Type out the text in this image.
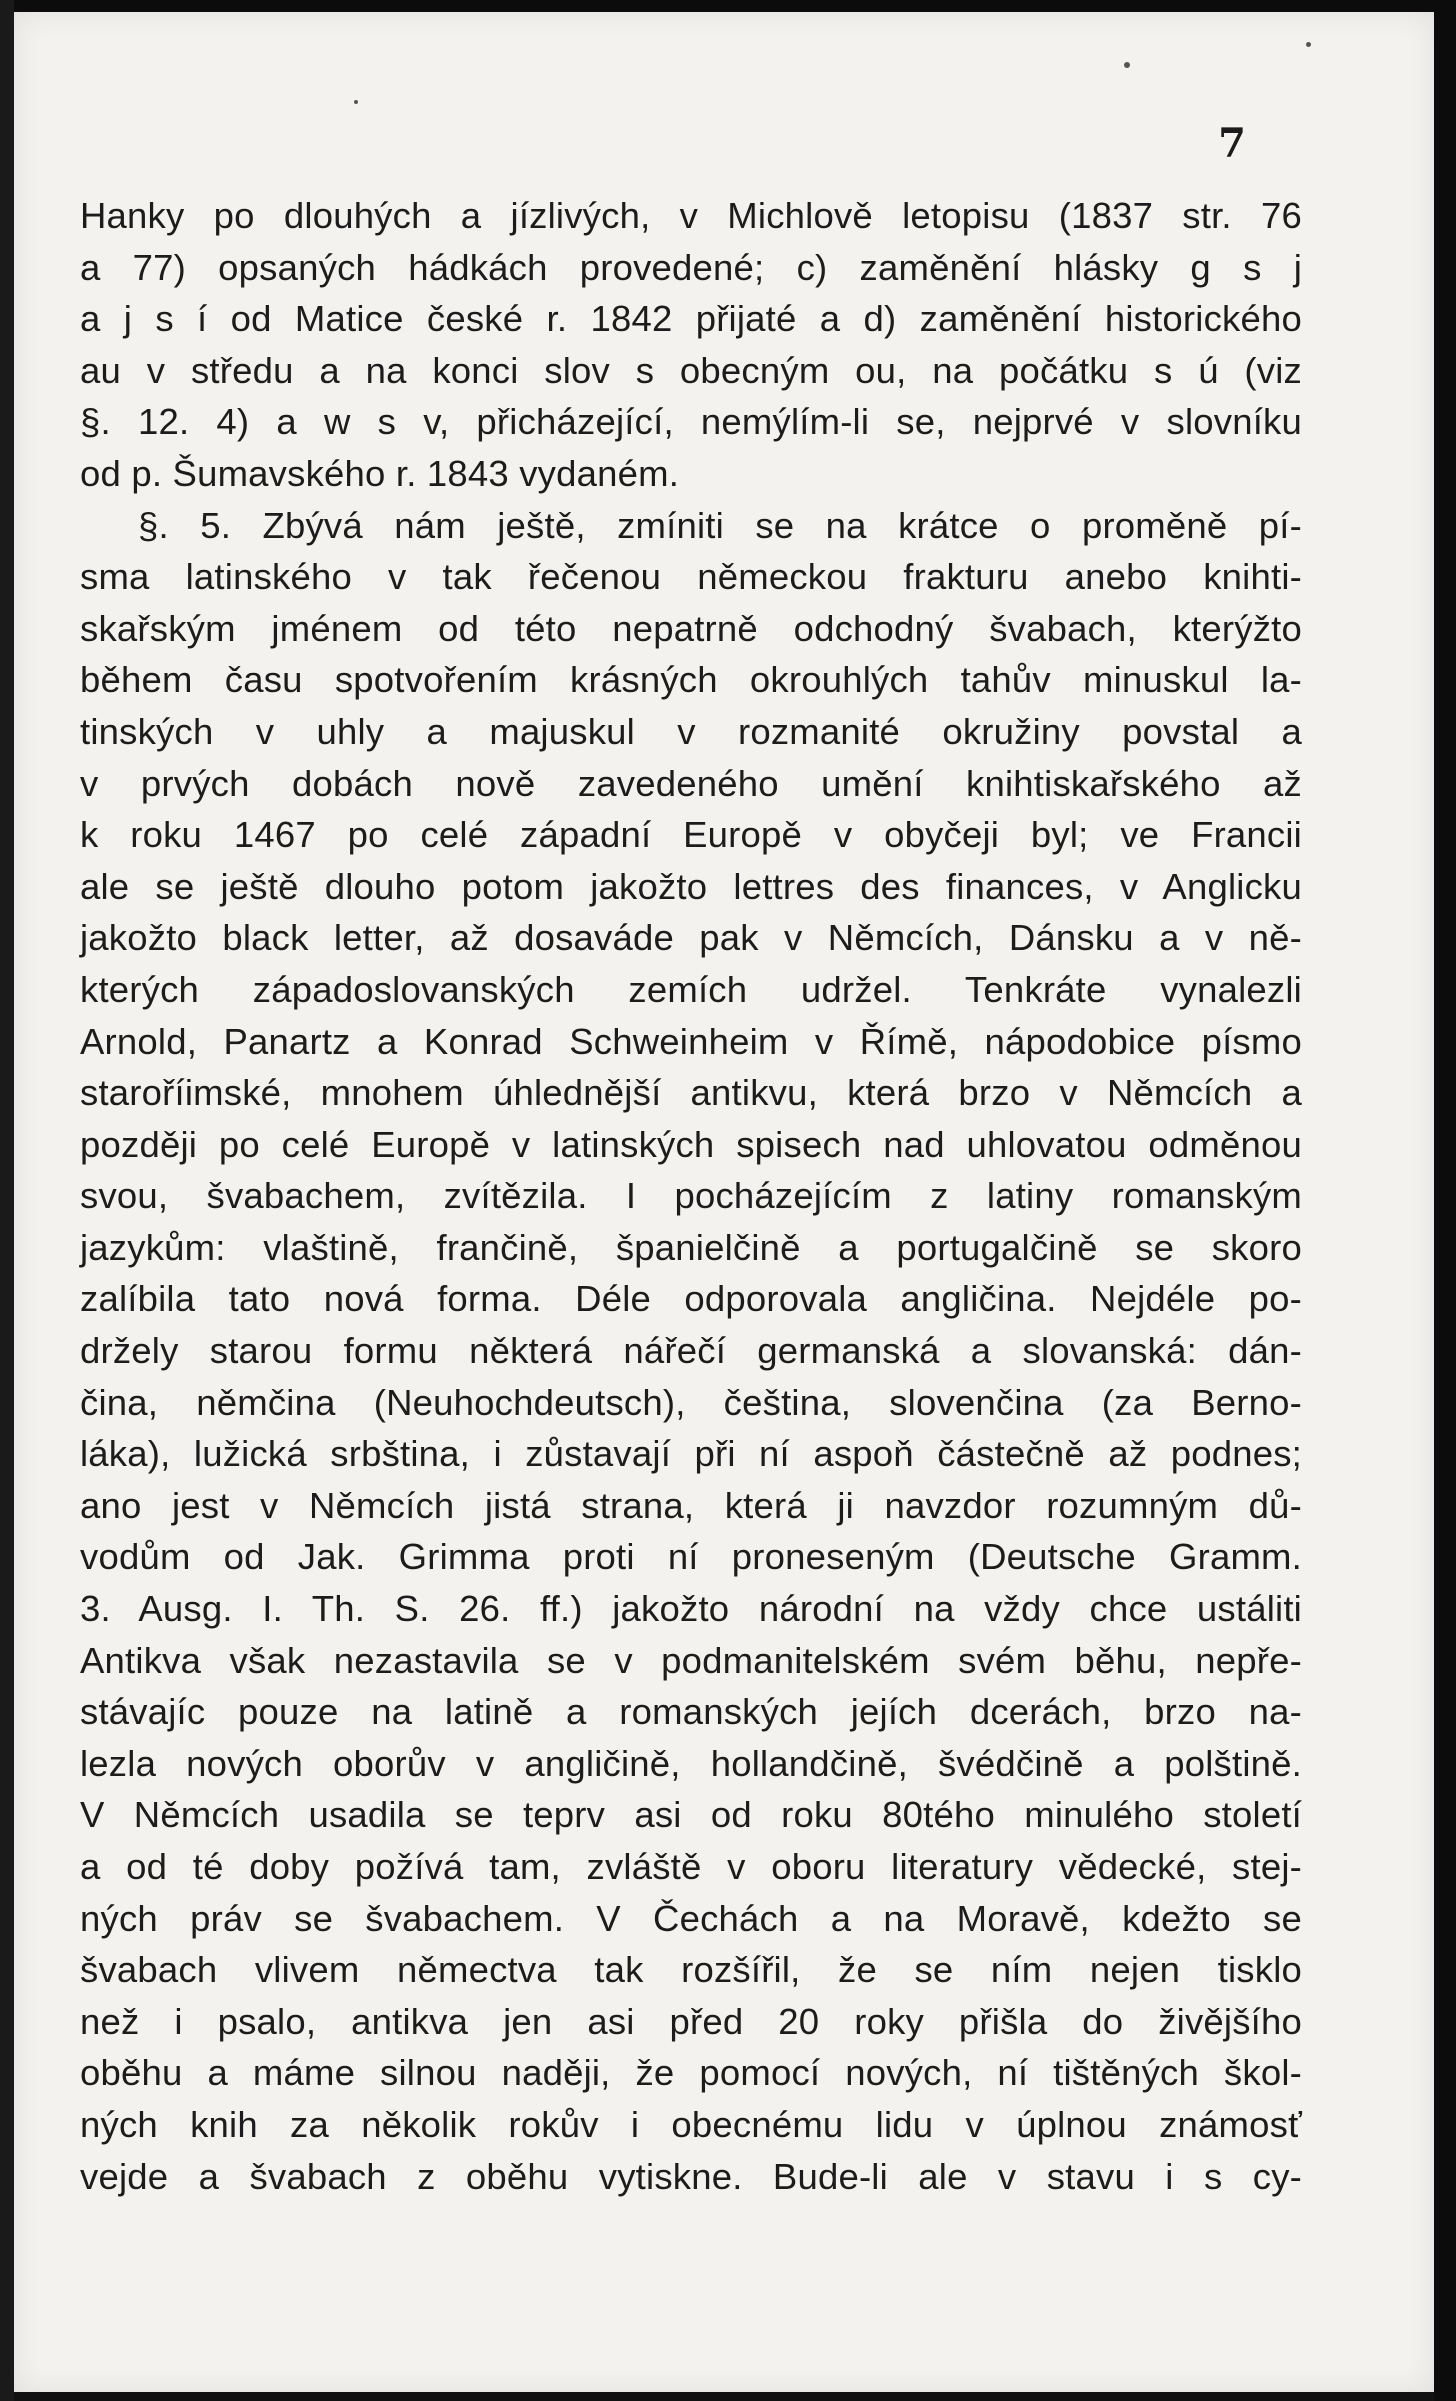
7
Hanky po dlouhých a jízlivých, v Michlově letopisu (1837 str. 76
a 77) opsaných hádkách provedené; c) zaměnění hlásky g s j
a j s í od Matice české r. 1842 přijaté a d) zaměnění historického
au v středu a na konci slov s obecným ou, na počátku s ú (viz
§. 12. 4) a w s v, přicházející, nemýlím-li se, nejprvé v slovníku
od p. Šumavského r. 1843 vydaném.
§. 5. Zbývá nám ještě, zmíniti se na krátce o proměně pí-
sma latinského v tak řečenou německou frakturu anebo knihti-
skařským jménem od této nepatrně odchodný švabach, kterýžto
během času spotvořením krásných okrouhlých tahův minuskul la-
tinských v uhly a majuskul v rozmanité okružiny povstal a
v prvých dobách nově zavedeného umění knihtiskařského až
k roku 1467 po celé západní Europě v obyčeji byl; ve Francii
ale se ještě dlouho potom jakožto lettres des finances, v Anglicku
jakožto black letter, až dosaváde pak v Němcích, Dánsku a v ně-
kterých západoslovanských zemích udržel. Tenkráte vynalezli
Arnold, Panartz a Konrad Schweinheim v Římě, nápodobice písmo
staroříimské, mnohem úhlednější antikvu, která brzo v Němcích a
později po celé Europě v latinských spisech nad uhlovatou odměnou
svou, švabachem, zvítězila. I pocházejícím z latiny romanským
jazykům: vlaštině, frančině, španielčině a portugalčině se skoro
zalíbila tato nová forma. Déle odporovala angličina. Nejdéle po-
držely starou formu některá nářečí germanská a slovanská: dán-
čina, němčina (Neuhochdeutsch), čeština, slovenčina (za Berno-
láka), lužická srbština, i zůstavají při ní aspoň částečně až podnes;
ano jest v Němcích jistá strana, která ji navzdor rozumným dů-
vodům od Jak. Grimma proti ní proneseným (Deutsche Gramm.
3. Ausg. I. Th. S. 26. ff.) jakožto národní na vždy chce ustáliti
Antikva však nezastavila se v podmanitelském svém běhu, nepře-
stávajíc pouze na latině a romanských jejích dcerách, brzo na-
lezla nových oborův v angličině, hollandčině, švédčině a polštině.
V Němcích usadila se teprv asi od roku 80tého minulého století
a od té doby požívá tam, zvláště v oboru literatury vědecké, stej-
ných práv se švabachem. V Čechách a na Moravě, kdežto se
švabach vlivem němectva tak rozšířil, že se ním nejen tisklo
než i psalo, antikva jen asi před 20 roky přišla do živějšího
oběhu a máme silnou naději, že pomocí nových, ní tištěných škol-
ných knih za několik rokův i obecnému lidu v úplnou známosť
vejde a švabach z oběhu vytiskne. Bude-li ale v stavu i s cy-
